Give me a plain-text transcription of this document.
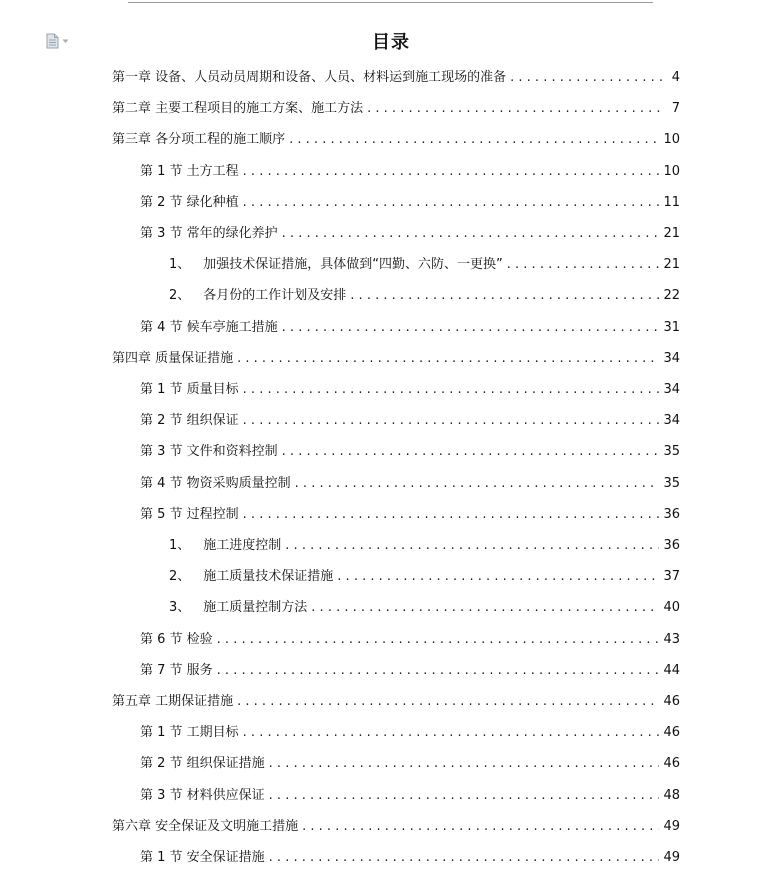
目录
第一章 设备、人员动员周期和设备、人员、材料运到施工现场的准备 . . .	4
第二章 主要工程项目的施工方案、施工方法 . . .	7
第三章 各分项工程的施工顺序 . . .	10
第 1 节 土方工程 . . .	10
第 2 节 绿化种植 . . .	11
第 3 节 常年的绿化养护 . . .	21
1、 加强技术保证措施，具体做到“四勤、六防、一更换” . . .	21
2、 各月份的工作计划及安排 . . .	22
第 4 节 候车亭施工措施 . . .	31
第四章 质量保证措施 . . .	34
第 1 节 质量目标 . . .	34
第 2 节 组织保证 . . .	34
第 3 节 文件和资料控制 . . .	35
第 4 节 物资采购质量控制 . . .	35
第 5 节 过程控制 . . .	36
1、 施工进度控制 . . .	36
2、 施工质量技术保证措施 . . .	37
3、 施工质量控制方法 . . .	40
第 6 节 检验 . . .	43
第 7 节 服务 . . .	44
第五章 工期保证措施 . . .	46
第 1 节 工期目标 . . .	46
第 2 节 组织保证措施 . . .	46
第 3 节 材料供应保证 . . .	48
第六章 安全保证及文明施工措施 . . .	49
第 1 节 安全保证措施 . . .	49
